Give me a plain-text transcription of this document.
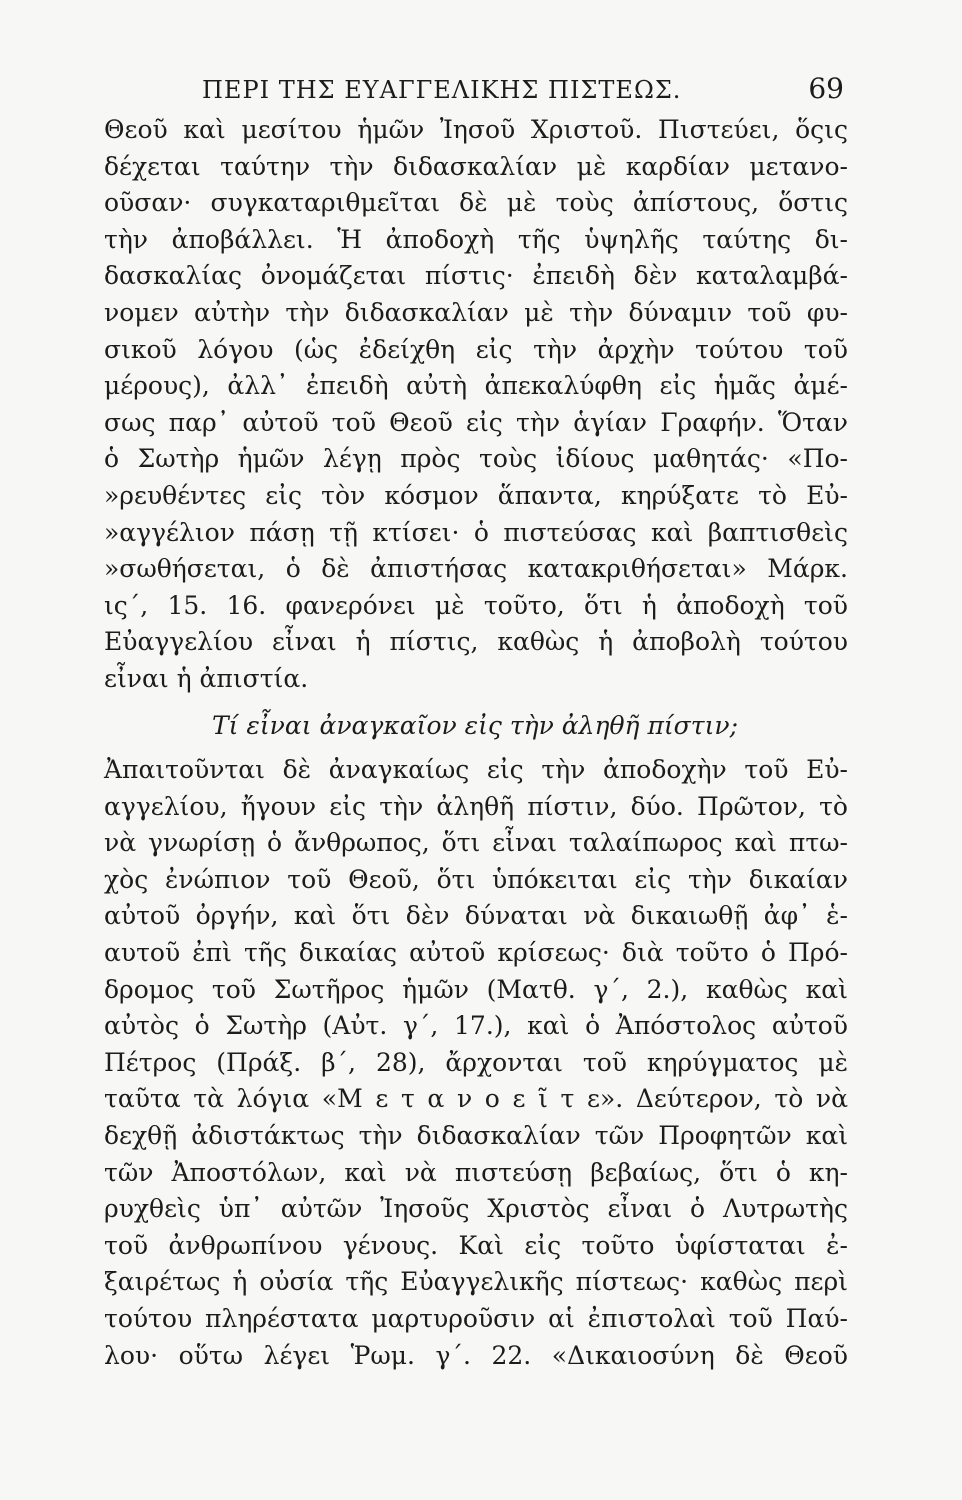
ΠΕΡΙ ΤΗΣ ΕΥΑΓΓΕΛΙΚΗΣ ΠΙΣΤΕΩΣ.	69
Θεοῦ καὶ μεσίτου ἡμῶν Ἰησοῦ Χριστοῦ. Πιστεύει, ὅςις
δέχεται ταύτην τὴν διδασκαλίαν μὲ καρδίαν μετανο-
οῦσαν· συγκαταριθμεῖται δὲ μὲ τοὺς ἀπίστους, ὅστις
τὴν ἀποβάλλει. Ἡ ἀποδοχὴ τῆς ὑψηλῆς ταύτης δι-
δασκαλίας ὀνομάζεται πίστις· ἐπειδὴ δὲν καταλαμβά-
νομεν αὐτὴν τὴν διδασκαλίαν μὲ τὴν δύναμιν τοῦ φυ-
σικοῦ λόγου (ὡς ἐδείχθη εἰς τὴν ἀρχὴν τούτου τοῦ
μέρους), ἀλλ᾿ ἐπειδὴ αὐτὴ ἀπεκαλύφθη εἰς ἡμᾶς ἀμέ-
σως παρ᾿ αὐτοῦ τοῦ Θεοῦ εἰς τὴν ἁγίαν Γραφήν. Ὅταν
ὁ Σωτὴρ ἡμῶν λέγῃ πρὸς τοὺς ἰδίους μαθητάς· «Πο-
»ρευθέντες εἰς τὸν κόσμον ἅπαντα, κηρύξατε τὸ Εὐ-
»αγγέλιον πάσῃ τῇ κτίσει· ὁ πιστεύσας καὶ βαπτισθεὶς
»σωθήσεται, ὁ δὲ ἀπιστήσας κατακριθήσεται» Μάρκ.
ις´, 15. 16. φανερόνει μὲ τοῦτο, ὅτι ἡ ἀποδοχὴ τοῦ
Εὐαγγελίου εἶναι ἡ πίστις, καθὼς ἡ ἀποβολὴ τούτου
εἶναι ἡ ἀπιστία.
Τί εἶναι ἀναγκαῖον εἰς τὴν ἀληθῆ πίστιν;
Ἀπαιτοῦνται δὲ ἀναγκαίως εἰς τὴν ἀποδοχὴν τοῦ Εὐ-
αγγελίου, ἤγουν εἰς τὴν ἀληθῆ πίστιν, δύο. Πρῶτον, τὸ
νὰ γνωρίσῃ ὁ ἄνθρωπος, ὅτι εἶναι ταλαίπωρος καὶ πτω-
χὸς ἐνώπιον τοῦ Θεοῦ, ὅτι ὑπόκειται εἰς τὴν δικαίαν
αὐτοῦ ὀργήν, καὶ ὅτι δὲν δύναται νὰ δικαιωθῇ ἀφ᾿ ἑ-
αυτοῦ ἐπὶ τῆς δικαίας αὐτοῦ κρίσεως· διὰ τοῦτο ὁ Πρό-
δρομος τοῦ Σωτῆρος ἡμῶν (Ματθ. γ´, 2.), καθὼς καὶ
αὐτὸς ὁ Σωτὴρ (Αὐτ. γ´, 17.), καὶ ὁ Ἀπόστολος αὐτοῦ
Πέτρος (Πράξ. β´, 28), ἄρχονται τοῦ κηρύγματος μὲ
ταῦτα τὰ λόγια «Μ ε τ α ν ο ε ῖ τ ε». Δεύτερον, τὸ νὰ
δεχθῇ ἀδιστάκτως τὴν διδασκαλίαν τῶν Προφητῶν καὶ
τῶν Ἀποστόλων, καὶ νὰ πιστεύσῃ βεβαίως, ὅτι ὁ κη-
ρυχθεὶς ὑπ᾿ αὐτῶν Ἰησοῦς Χριστὸς εἶναι ὁ Λυτρωτὴς
τοῦ ἀνθρωπίνου γένους. Καὶ εἰς τοῦτο ὑφίσταται ἐ-
ξαιρέτως ἡ οὐσία τῆς Εὐαγγελικῆς πίστεως· καθὼς περὶ
τούτου πληρέστατα μαρτυροῦσιν αἱ ἐπιστολαὶ τοῦ Παύ-
λου· οὕτω λέγει Ῥωμ. γ´. 22. «Δικαιοσύνη δὲ Θεοῦ
